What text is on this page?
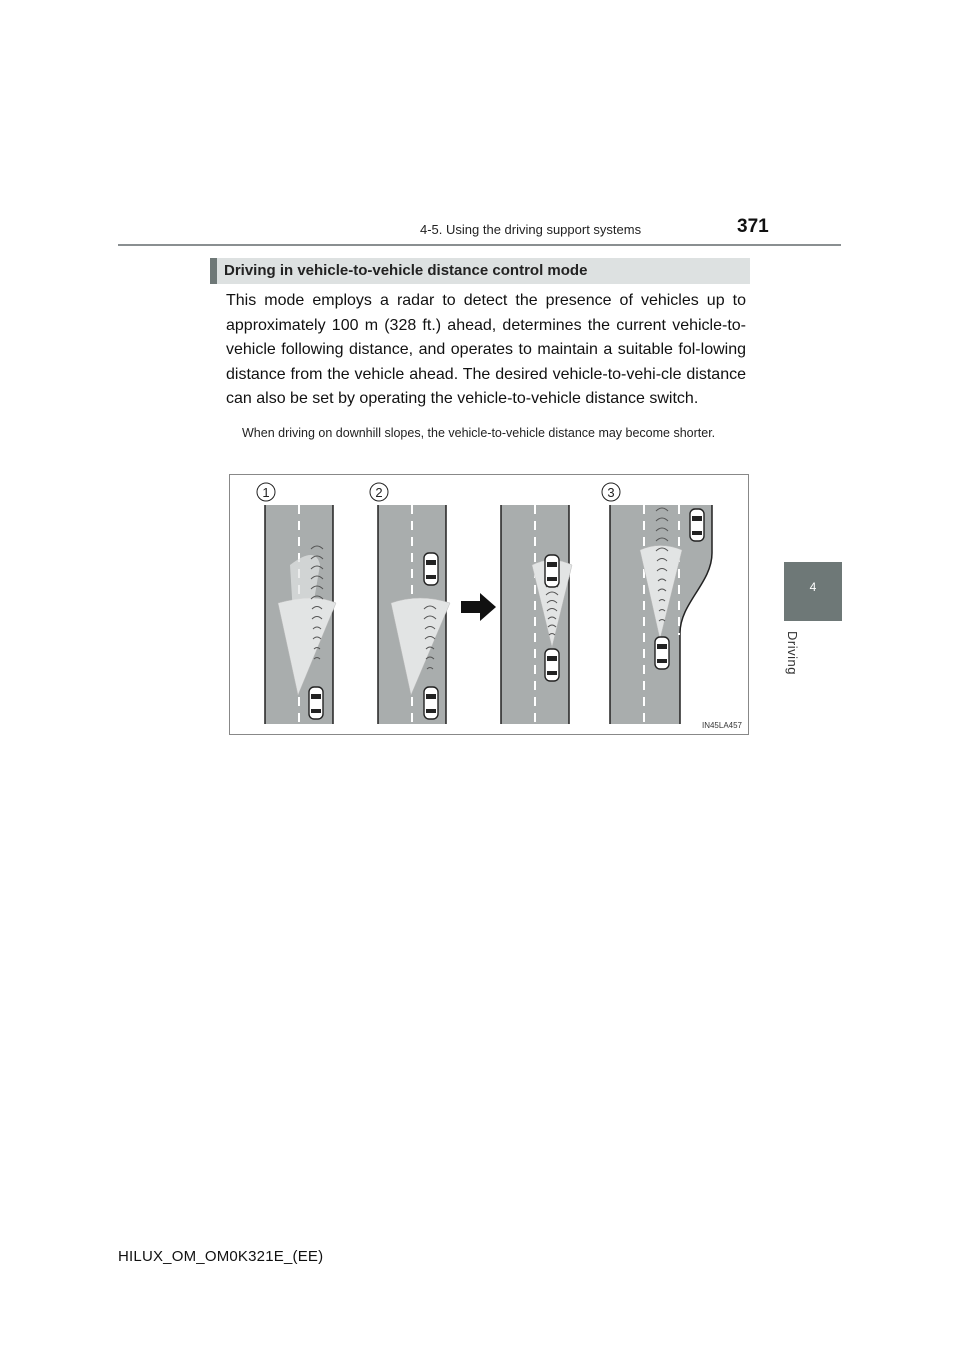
4-5. Using the driving support systems	371
4
Driving
Driving in vehicle-to-vehicle distance control mode
This mode employs a radar to detect the presence of vehicles up to approximately 100 m (328 ft.) ahead, determines the current vehicle-to-vehicle following distance, and operates to maintain a suitable fol-lowing distance from the vehicle ahead. The desired vehicle-to-vehi-cle distance can also be set by operating the vehicle-to-vehicle distance switch.
When driving on downhill slopes, the vehicle-to-vehicle distance may become shorter.
1	2	3
IN45LA457
HILUX_OM_OM0K321E_(EE)
